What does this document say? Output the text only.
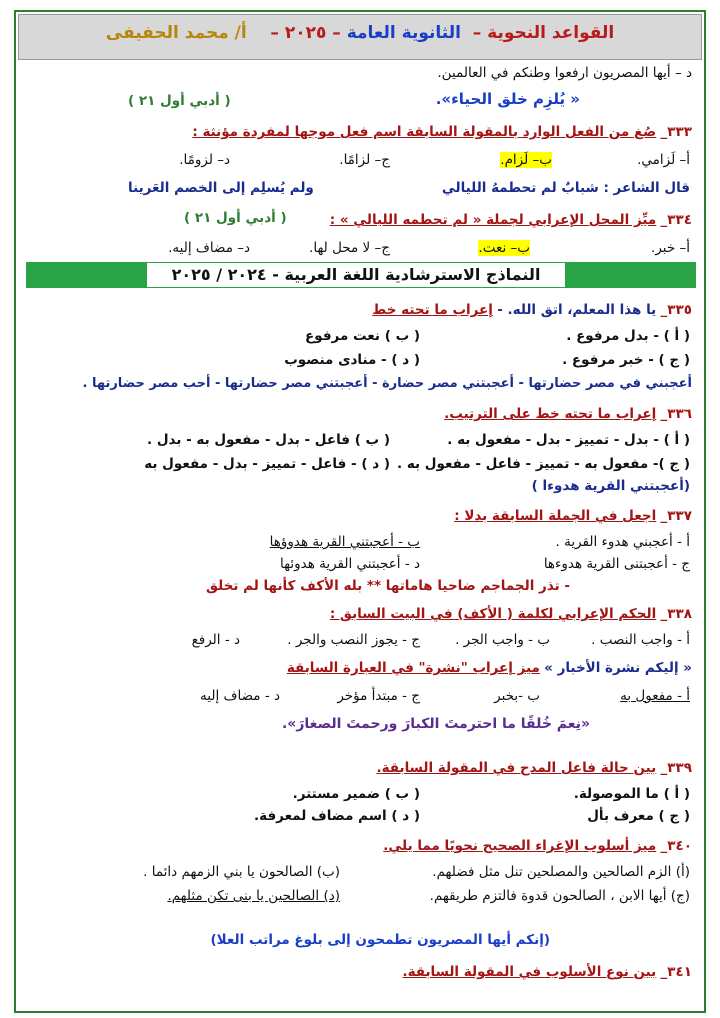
القواعد النحوية –  الثانوية العامة – ٢٠٢٥ –    أ/ محمد الحفيفى
د – أيها المصريون ارفعوا وطنكم في العالمين.
« يُلزِم خلق الحياء».
( أدبي أول ٢١ )
٣٣٣_ صُغ من الفعل الوارد بالمقولة السابقة اسم فعل موجها لمفردة مؤنثة :
أ– لَزامي.
ب– لَزام.
ج– لزامًا.
د– لزومًا.
قال الشاعر : شبابٌ لم تحطمهُ الليالي
ولم يُسلِم إلى الخصم العَرينا
( أدبي أول ٢١ )	٣٣٤_ ميِّز المحل الإعرابي لجملة « لم تحطمه الليالي » :
أ– خبر.
ب– نعت.
ج– لا محل لها.
د– مضاف إليه.
النماذج الاسترشادية اللغة العربية - ٢٠٢٤ / ٢٠٢٥
٣٣٥_ يا هذا المعلم، اتق الله. - إعراب ما تحته خط
( أ ) - بدل مرفوع .
( ب ) نعت مرفوع
( ج ) - خبر مرفوع .
( د ) - منادى منصوب
أعجبني في مصر حضارتها - أعجبتني مصر حضارة - أعجبتني مصر حضارتها - أحب مصر حضارتها .
٣٣٦_ إعراب ما تحته خط على الترتيب.
( أ ) - بدل - تمييز - بدل - مفعول به .
( ب ) فاعل - بدل - مفعول به - بدل .
( ج )- مفعول به - تمييز - فاعل - مفعول به .
( د ) - فاعل - تمييز - بدل - مفعول به
(أعجبتني القرية هدوءا )
٣٣٧_ اجعل في الجملة السابقة بدلا :
أ - أعجبني هدوء القرية .
ب - أعجبتني القرية هدوؤها
ج - أعجبتنى القرية هدوءها
د - أعجبتني القرية هدوئها
- تذر الجماجم ضاحيا هاماتها ** بله الأكف كأنها لم تخلق
٣٣٨_ الحكم الإعرابي لكلمة ( الأكف) في البيت السابق :
أ - واجب النصب .
ب - واجب الجر .
ج - يجوز النصب والجر .
د - الرفع
« إليكم نشرة الأخبار » ميز إعراب "نشرة" في العبارة السابقة
أ - مفعول به
ب -بخبر
ج - مبتدأ مؤخر
د - مضاف إليه
«نِعمَ خُلقًا ما احترمتَ الكبارَ ورحمتَ الصغارَ».
٣٣٩_ بين حالة فاعل المدح في المقولة السابقة.
( أ ) ما الموصولة.
( ب ) ضمير مستتر.
( ج ) معرف بأل
( د ) اسم مضاف لمعرفة.
٣٤٠_ ميز أسلوب الإغراء الصحيح نحويًا مما يلي.
(أ) الزم الصالحين والمصلحين تنل مثل فضلهم.
(ب) الصالحون يا بني الزمهم دائما .
(ج) أيها الابن ، الصالحون قدوة فالتزم طريقهم.
(د) الصالحين يا بنى تكن مثلهم.
(إنكم أيها المصريون تطمحون إلى بلوغ مراتب العلا)
٣٤١_ بين نوع الأسلوب في المقولة السابقة.
